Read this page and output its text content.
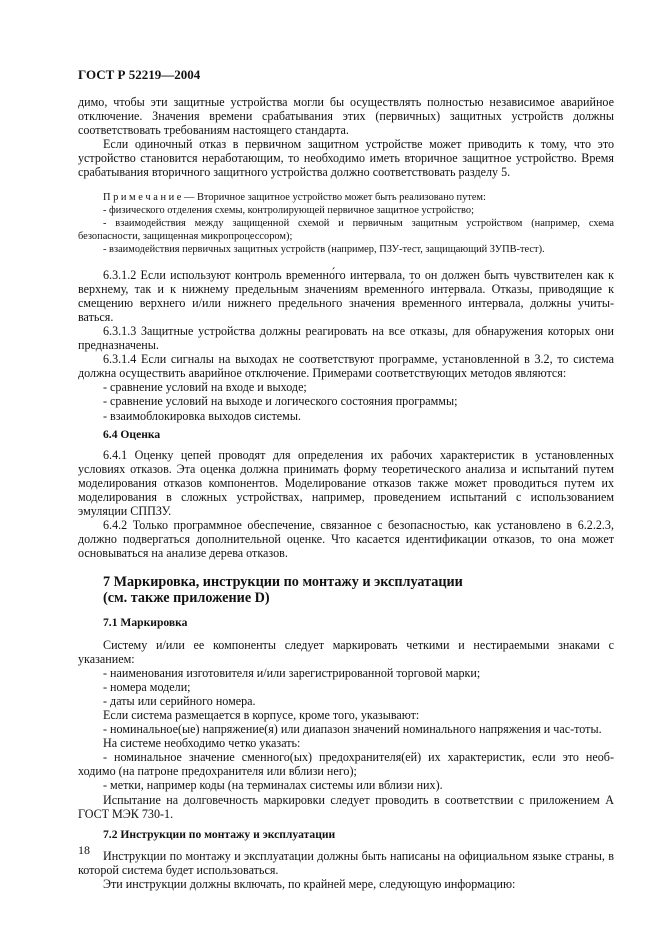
ГОСТ Р 52219—2004

димо, чтобы эти защитные устройства могли бы осуществлять полностью независимое аварийное отключение. Значения времени срабатывания этих (первичных) защитных устройств должны соответствовать требованиям настоящего стандарта.

Если одиночный отказ в первичном защитном устройстве может приводить к тому, что это устройство становится неработающим, то необходимо иметь вторичное защитное устройство. Время срабатывания вторичного защитного устройства должно соответствовать разделу 5.

П р и м е ч а н и е — Вторичное защитное устройство может быть реализовано путем:

- физического отделения схемы, контролирующей первичное защитное устройство;

- взаимодействия между защищенной схемой и первичным защитным устройством (например, схема безопасности, защищенная микропроцессором);

- взаимодействия первичных защитных устройств (например, ПЗУ-тест, защищающий ЗУПВ-тест).

6.3.1.2 Если используют контроль временно́го интервала, то он должен быть чувствителен как к верхнему, так и к нижнему предельным значениям временно́го интервала. Отказы, приводящие к смещению верхнего и/или нижнего предельного значения временно́го интервала, должны учиты-ваться.

6.3.1.3 Защитные устройства должны реагировать на все отказы, для обнаружения которых они предназначены.

6.3.1.4 Если сигналы на выходах не соответствуют программе, установленной в 3.2, то система должна осуществить аварийное отключение. Примерами соответствующих методов являются:

- сравнение условий на входе и выходе;

- сравнение условий на выходе и логического состояния программы;

- взаимоблокировка выходов системы.

6.4 Оценка

6.4.1 Оценку цепей проводят для определения их рабочих характеристик в установленных условиях отказов. Эта оценка должна принимать форму теоретического анализа и испытаний путем моделирования отказов компонентов. Моделирование отказов также может проводиться путем их моделирования в сложных устройствах, например, проведением испытаний с использованием эмуляции СППЗУ.

6.4.2 Только программное обеспечение, связанное с безопасностью, как установлено в 6.2.2.3, должно подвергаться дополнительной оценке. Что касается идентификации отказов, то она может основываться на анализе дерева отказов.

7 Маркировка, инструкции по монтажу и эксплуатации

(см. также приложение D)

7.1 Маркировка

Систему и/или ее компоненты следует маркировать четкими и нестираемыми знаками с указанием:

- наименования изготовителя и/или зарегистрированной торговой марки;

- номера модели;

- даты или серийного номера.

Если система размещается в корпусе, кроме того, указывают:

- номинальное(ые) напряжение(я) или диапазон значений номинального напряжения и час-тоты.

На системе необходимо четко указать:

- номинальное значение сменного(ых) предохранителя(ей) их характеристик, если это необ-ходимо (на патроне предохранителя или вблизи него);

- метки, например коды (на терминалах системы или вблизи них).

Испытание на долговечность маркировки следует проводить в соответствии с приложением А ГОСТ МЭК 730-1.

7.2 Инструкции по монтажу и эксплуатации

Инструкции по монтажу и эксплуатации должны быть написаны на официальном языке страны, в которой система будет использоваться.

Эти инструкции должны включать, по крайней мере, следующую информацию:

18
